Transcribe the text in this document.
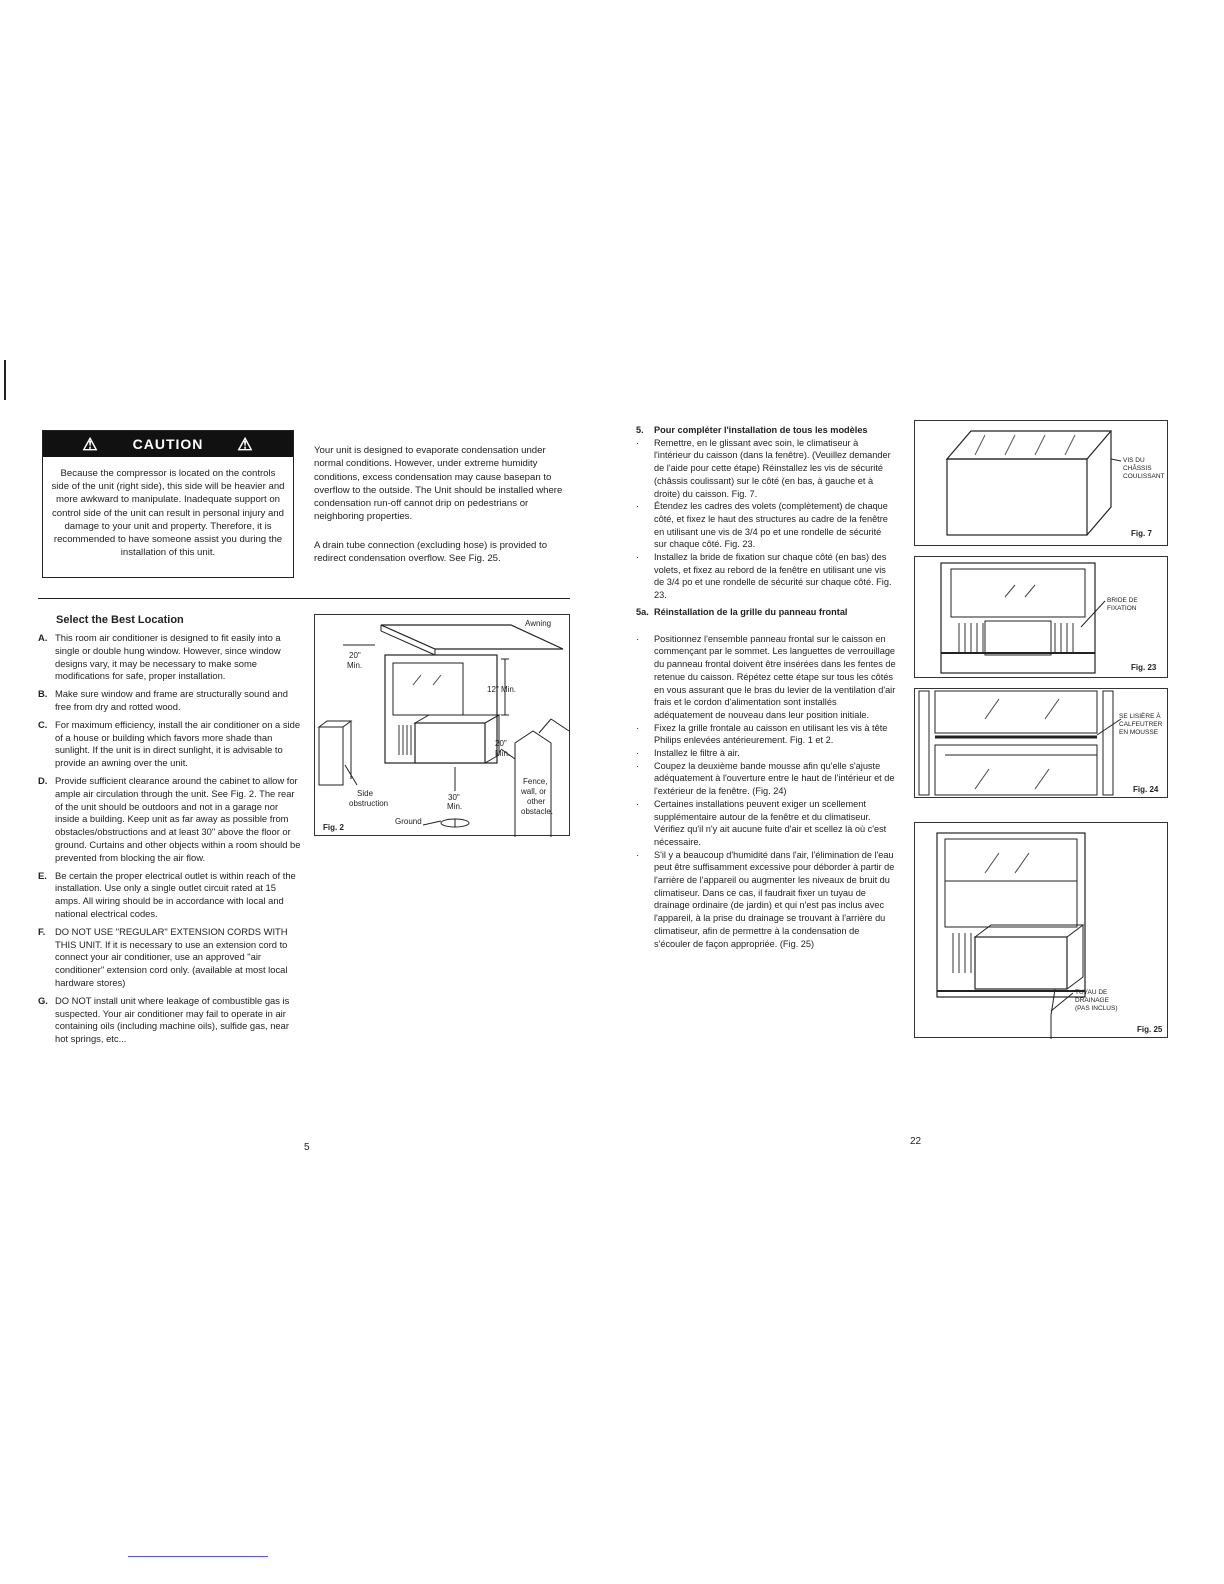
⚠ CAUTION ⚠
Because the compressor is located on the controls side of the unit (right side), this side will be heavier and more awkward to manipulate. Inadequate support on control side of the unit can result in personal injury and damage to your unit and property. Therefore, it is recommended to have someone assist you during the installation of this unit.
Your unit is designed to evaporate condensation under normal conditions. However, under extreme humidity conditions, excess condensation may cause basepan to overflow to the outside. The Unit should be installed where condensation run-off cannot drip on pedestrians or neighboring properties.
A drain tube connection (excluding hose) is provided to redirect condensation overflow. See Fig. 25.
Select the Best Location
A. This room air conditioner is designed to fit easily into a single or double hung window. However, since window designs vary, it may be necessary to make some modifications for safe, proper installation.
B. Make sure window and frame are structurally sound and free from dry and rotted wood.
C. For maximum efficiency, install the air conditioner on a side of a house or building which favors more shade than sunlight. If the unit is in direct sunlight, it is advisable to provide an awning over the unit.
D. Provide sufficient clearance around the cabinet to allow for ample air circulation through the unit. See Fig. 2. The rear of the unit should be outdoors and not in a garage nor inside a building. Keep unit as far away as possible from obstacles/obstructions and at least 30" above the floor or ground. Curtains and other objects within a room should be prevented from blocking the air flow.
E. Be certain the proper electrical outlet is within reach of the installation. Use only a single outlet circuit rated at 15 amps. All wiring should be in accordance with local and national electrical codes.
F.	DO NOT USE "REGULAR" EXTENSION CORDS WITH THIS UNIT. If it is necessary to use an extension cord to connect your air conditioner, use an approved "air conditioner" extension cord only. (available at most local hardware stores)
G. DO NOT install unit where leakage of combustible gas is suspected. Your air conditioner may fail to operate in air containing oils (including machine oils), sulfide gas, near hot springs, etc...
Awning
20"
Min.
12" Min.
20"
Min.
30"
Min.
Side
obstruction
Ground
Fence,
wall, or
other
obstacle.
Fig. 2
5
5.	Pour compléter l'installation de tous les modèles
·	Remettre, en le glissant avec soin, le climatiseur à l'intérieur du caisson (dans la fenêtre). (Veuillez demander de l'aide pour cette étape) Réinstallez les vis de sécurité (châssis coulissant) sur le côté (en bas, à gauche et à droite) du caisson. Fig. 7.
·	Étendez les cadres des volets (complètement) de chaque côté, et fixez le haut des structures au cadre de la fenêtre en utilisant une vis de 3/4 po et une rondelle de sécurité sur chaque côté. Fig. 23.
·	Installez la bride de fixation sur chaque côté (en bas) des volets, et fixez au rebord de la fenêtre en utilisant une vis de 3/4 po et une rondelle de sécurité sur chaque côté. Fig. 23.
5a. Réinstallation de la grille du panneau frontal
·	Positionnez l'ensemble panneau frontal sur le caisson en commençant par le sommet. Les languettes de verrouillage du panneau frontal doivent être insérées dans les fentes de retenue du caisson. Répétez cette étape sur tous les côtés en vous assurant que le bras du levier de la ventilation d'air frais et le cordon d'alimentation sont installés adéquatement de nouveau dans leur position initiale.
·	Fixez la grille frontale au caisson en utilisant les vis à tête Philips enlevées antérieurement. Fig. 1 et 2.
·	Installez le filtre à air.
·	Coupez la deuxième bande mousse afin qu'elle s'ajuste adéquatement à l'ouverture entre le haut de l'intérieur et de l'extérieur de la fenêtre. (Fig. 24)
·	Certaines installations peuvent exiger un scellement supplémentaire autour de la fenêtre et du climatiseur. Vérifiez qu'il n'y ait aucune fuite d'air et scellez là où c'est nécessaire.
·	S'il y a beaucoup d'humidité dans l'air, l'élimination de l'eau peut être suffisamment excessive pour déborder à partir de l'arrière de l'appareil ou augmenter les niveaux de bruit du climatiseur. Dans ce cas, il faudrait fixer un tuyau de drainage ordinaire (de jardin) et qui n'est pas inclus avec l'appareil, à la prise du drainage se trouvant à l'arrière du climatiseur, afin de permettre à la condensation de s'écouler de façon appropriée. (Fig. 25)
VIS DU
CHÂSSIS
COULISSANT
Fig. 7
BRIDE DE
FIXATION
Fig. 23
SE LISIÈRE À
CALFEUTRER
EN MOUSSE
Fig. 24
TUYAU DE
DRAINAGE
(PAS INCLUS)
Fig. 25
22
